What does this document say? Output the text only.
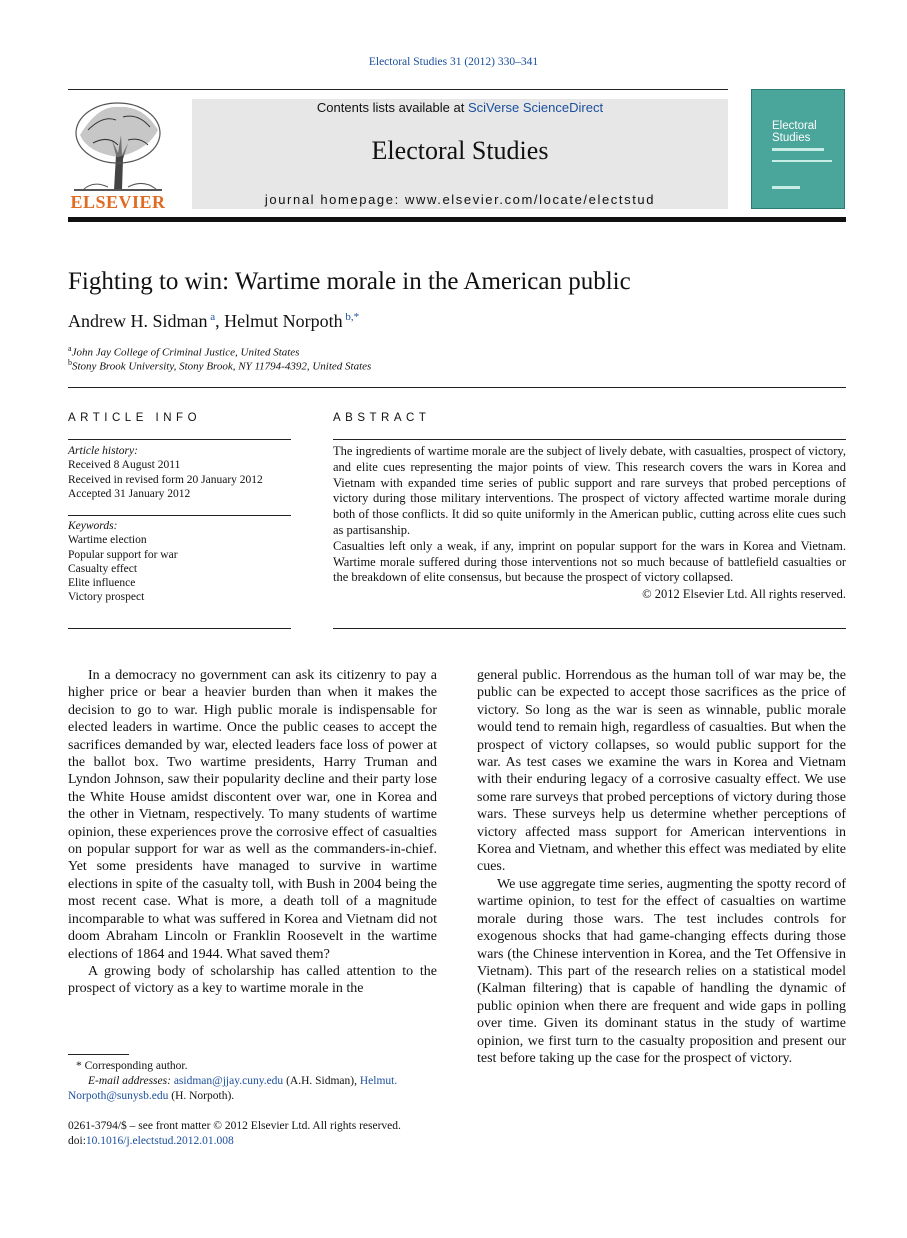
Electoral Studies 31 (2012) 330–341
ELSEVIER
Contents lists available at SciVerse ScienceDirect
Electoral Studies
journal homepage: www.elsevier.com/locate/electstud
Electoral
Studies
Fighting to win: Wartime morale in the American public
Andrew H. Sidman $^a$, Helmut Norpoth $^{b,*}$
$^a$John Jay College of Criminal Justice, United States
$^b$Stony Brook University, Stony Brook, NY 11794-4392, United States
ARTICLE INFO
Article history:
Received 8 August 2011
Received in revised form 20 January 2012
Accepted 31 January 2012
Keywords:
Wartime election
Popular support for war
Casualty effect
Elite influence
Victory prospect
ABSTRACT

The ingredients of wartime morale are the subject of lively debate, with casualties, prospect of victory, and elite cues representing the major points of view. This research covers the wars in Korea and Vietnam with expanded time series of public support and rare surveys that probed perceptions of victory during those military interventions. The prospect of victory affected wartime morale during both of those conflicts. It did so quite uniformly in the American public, cutting across elite cues such as partisanship.

Casualties left only a weak, if any, imprint on popular support for the wars in Korea and Vietnam. Wartime morale suffered during those interventions not so much because of battlefield casualties or the breakdown of elite consensus, but because the prospect of victory collapsed.

© 2012 Elsevier Ltd. All rights reserved.

In a democracy no government can ask its citizenry to pay a higher price or bear a heavier burden than when it makes the decision to go to war. High public morale is indispensable for elected leaders in wartime. Once the public ceases to accept the sacrifices demanded by war, elected leaders face loss of power at the ballot box. Two wartime presidents, Harry Truman and Lyndon Johnson, saw their popularity decline and their party lose the White House amidst discontent over war, one in Korea and the other in Vietnam, respectively. To many students of wartime opinion, these experiences prove the corrosive effect of casualties on popular support for war as well as the commanders-in-chief. Yet some presidents have managed to survive in wartime elections in spite of the casualty toll, with Bush in 2004 being the most recent case. What is more, a death toll of a magnitude incomparable to what was suffered in Korea and Vietnam did not doom Abraham Lincoln or Franklin Roosevelt in the wartime elections of 1864 and 1944. What saved them?

A growing body of scholarship has called attention to the prospect of victory as a key to wartime morale in the

general public. Horrendous as the human toll of war may be, the public can be expected to accept those sacrifices as the price of victory. So long as the war is seen as winnable, public morale would tend to remain high, regardless of casualties. But when the prospect of victory collapses, so would public support for the war. As test cases we examine the wars in Korea and Vietnam with their enduring legacy of a corrosive casualty effect. We use some rare surveys that probed perceptions of victory during those wars. These surveys help us determine whether perceptions of victory affected mass support for American interventions in Korea and Vietnam, and whether this effect was mediated by elite cues.

We use aggregate time series, augmenting the spotty record of wartime opinion, to test for the effect of casualties on wartime morale during those wars. The test includes controls for exogenous shocks that had game-changing effects during those wars (the Chinese intervention in Korea, and the Tet Offensive in Vietnam). This part of the research relies on a statistical model (Kalman filtering) that is capable of handling the dynamic of public opinion when there are frequent and wide gaps in polling over time. Given its dominant status in the study of wartime opinion, we first turn to the casualty proposition and present our test before taking up the case for the prospect of victory.

* Corresponding author.
E-mail addresses: asidman@jjay.cuny.edu (A.H. Sidman), Helmut.
Norpoth@sunysb.edu (H. Norpoth).
0261-3794/$ – see front matter © 2012 Elsevier Ltd. All rights reserved.
doi:10.1016/j.electstud.2012.01.008
